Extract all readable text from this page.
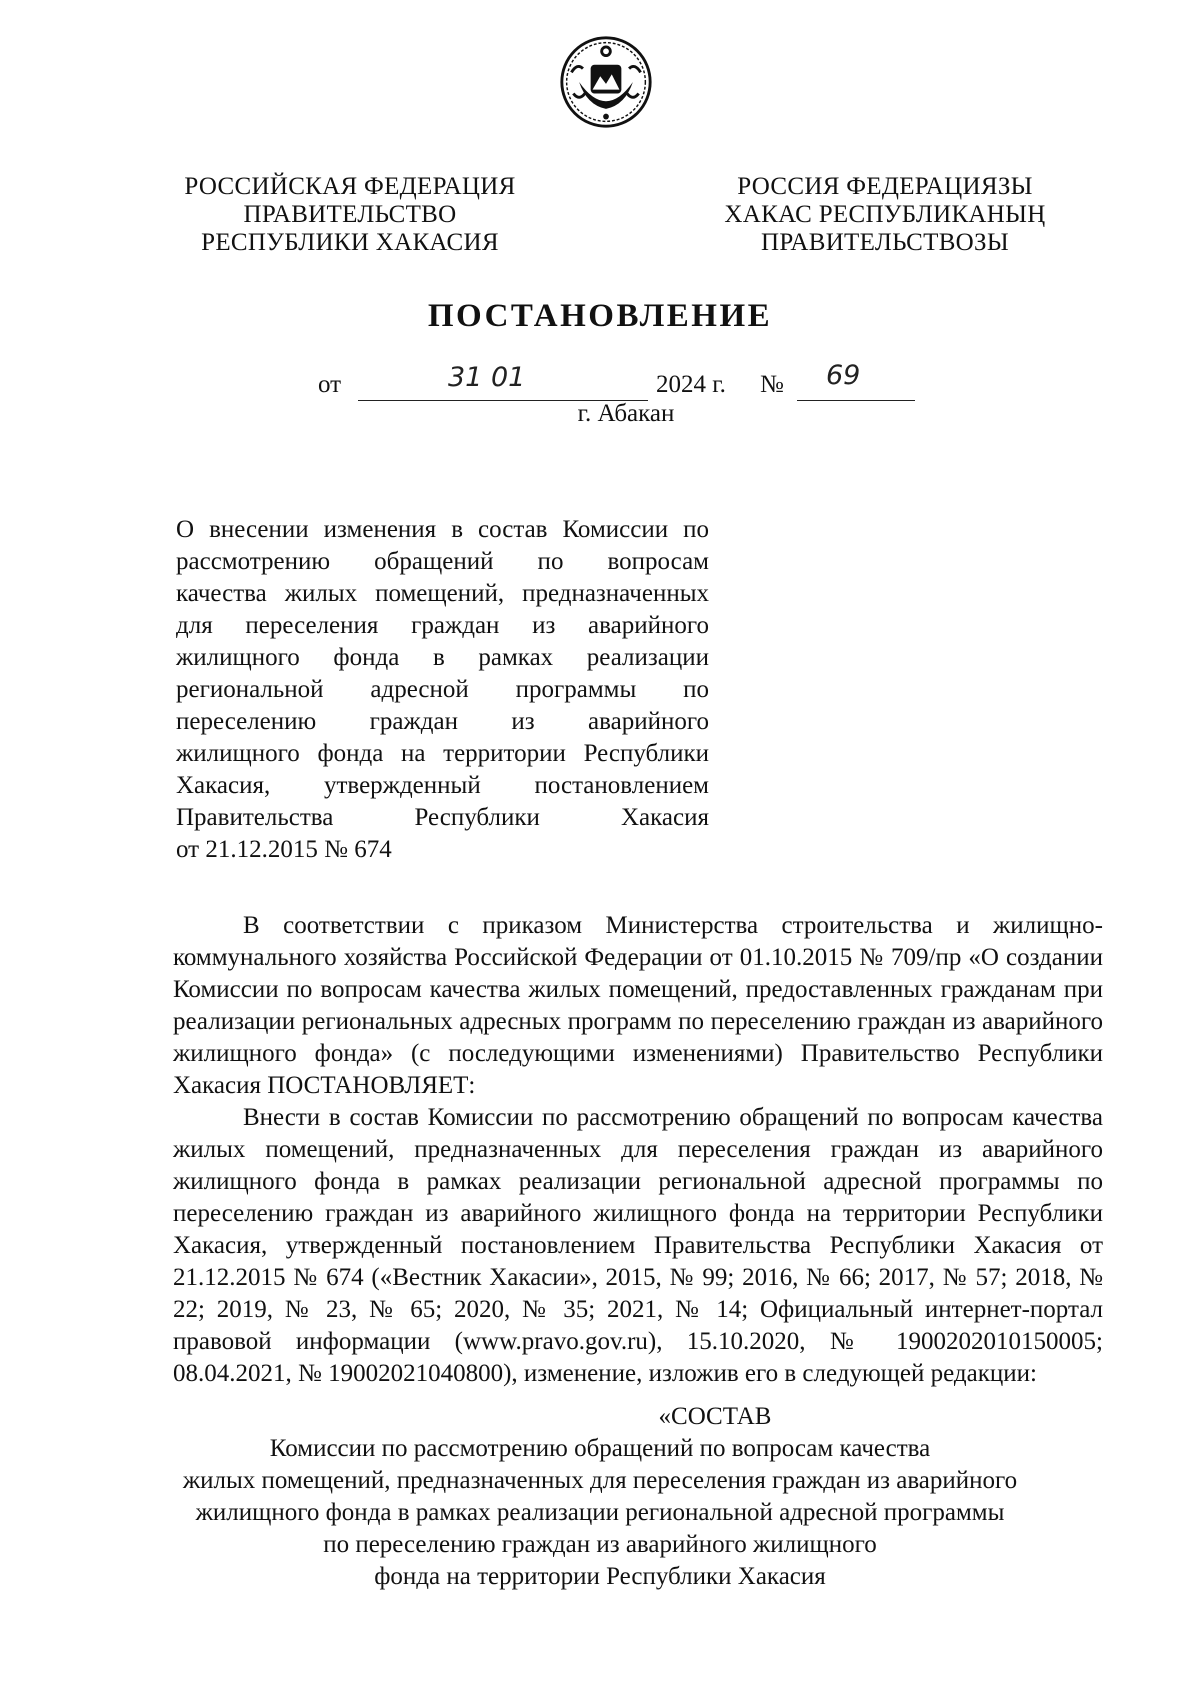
РОССИЙСКАЯ ФЕДЕРАЦИЯ
ПРАВИТЕЛЬСТВО
РЕСПУБЛИКИ ХАКАСИЯ
РОССИЯ ФЕДЕРАЦИЯЗЫ
ХАКАС РЕСПУБЛИКАНЫҢ
ПРАВИТЕЛЬСТВОЗЫ
ПОСТАНОВЛЕНИЕ
от	31 01	2024 г. № 69
г. Абакан
О внесении изменения в состав Комиссии по
рассмотрению обращений по вопросам
качества жилых помещений, предназначенных
для переселения граждан из аварийного
жилищного фонда в рамках реализации
региональной адресной программы по
переселению граждан из аварийного
жилищного фонда на территории Республики
Хакасия, утвержденный постановлением
Правительства Республики Хакасия
от 21.12.2015 № 674

В соответствии с приказом Министерства строительства и жилищно-коммунального хозяйства Российской Федерации от 01.10.2015 № 709/пр «О создании Комиссии по вопросам качества жилых помещений, предоставленных гражданам при реализации региональных адресных программ по переселению граждан из аварийного жилищного фонда» (с последующими изменениями) Правительство Республики Хакасия ПОСТАНОВЛЯЕТ:

Внести в состав Комиссии по рассмотрению обращений по вопросам качества жилых помещений, предназначенных для переселения граждан из аварийного жилищного фонда в рамках реализации региональной адресной программы по переселению граждан из аварийного жилищного фонда на территории Республики Хакасия, утвержденный постановлением Правительства Республики Хакасия от 21.12.2015 № 674 («Вестник Хакасии», 2015, № 99; 2016, № 66; 2017, № 57; 2018, № 22; 2019, № 23, № 65; 2020, № 35; 2021, № 14; Официальный интернет-портал правовой информации (www.pravo.gov.ru), 15.10.2020, № 1900202010150005; 08.04.2021, № 19002021040800), изменение, изложив его в следующей редакции:

«СОСТАВ
Комиссии по рассмотрению обращений по вопросам качества
жилых помещений, предназначенных для переселения граждан из аварийного
жилищного фонда в рамках реализации региональной адресной программы
по переселению граждан из аварийного жилищного
фонда на территории Республики Хакасия
